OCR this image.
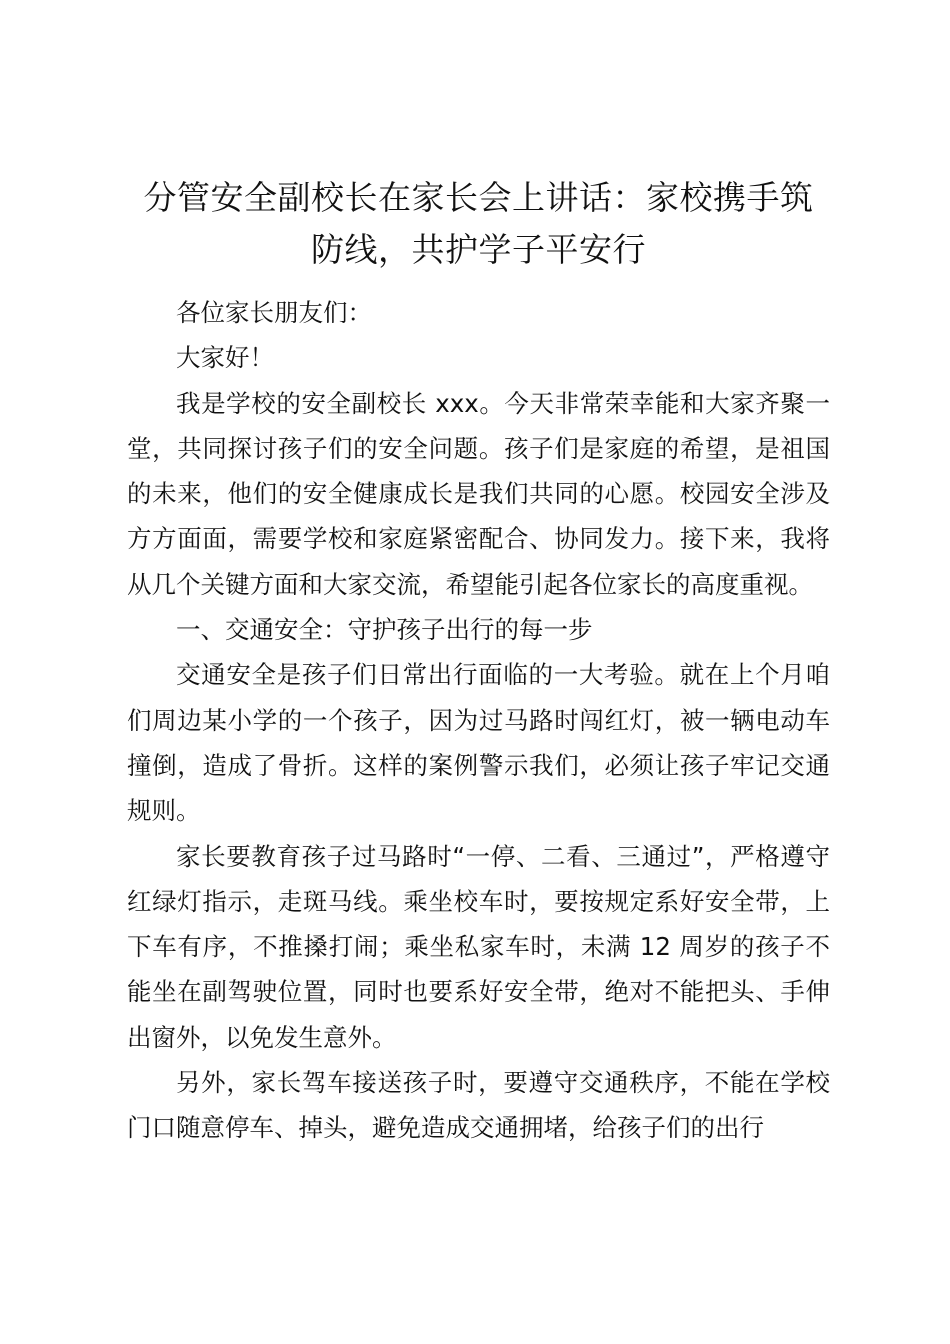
分管安全副校长在家长会上讲话：家校携手筑防线，共护学子平安行

各位家长朋友们：

大家好！

我是学校的安全副校长 xxx。今天非常荣幸能和大家齐聚一堂，共同探讨孩子们的安全问题。孩子们是家庭的希望，是祖国的未来，他们的安全健康成长是我们共同的心愿。校园安全涉及方方面面，需要学校和家庭紧密配合、协同发力。接下来，我将从几个关键方面和大家交流，希望能引起各位家长的高度重视。

一、交通安全：守护孩子出行的每一步

交通安全是孩子们日常出行面临的一大考验。就在上个月咱们周边某小学的一个孩子，因为过马路时闯红灯，被一辆电动车撞倒，造成了骨折。这样的案例警示我们，必须让孩子牢记交通规则。

家长要教育孩子过马路时“一停、二看、三通过”，严格遵守红绿灯指示，走斑马线。乘坐校车时，要按规定系好安全带，上下车有序，不推搡打闹；乘坐私家车时，未满 12 周岁的孩子不能坐在副驾驶位置，同时也要系好安全带，绝对不能把头、手伸出窗外，以免发生意外。

另外，家长驾车接送孩子时，要遵守交通秩序，不能在学校门口随意停车、掉头，避免造成交通拥堵，给孩子们的出行
